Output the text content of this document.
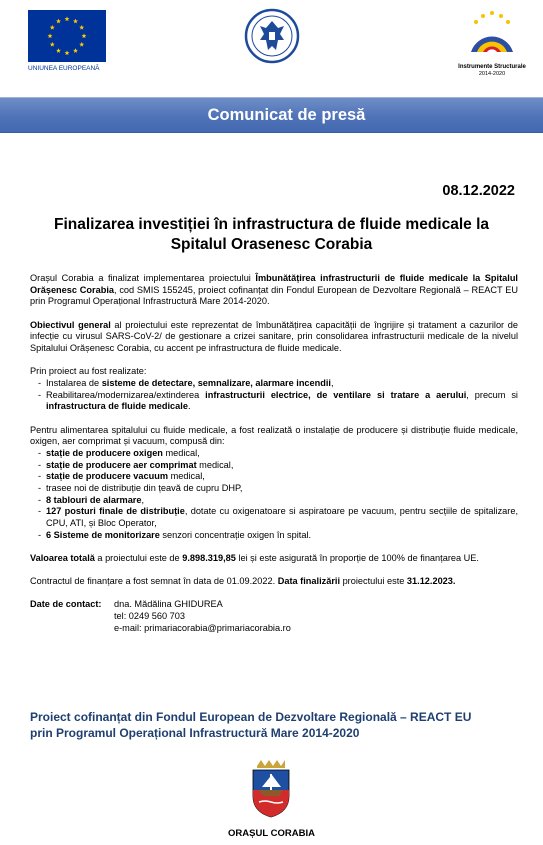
UNIUNEA EUROPEANĂ	Instrumente Structurale
2014-2020
Comunicat de presă
08.12.2022
Finalizarea investiției în infrastructura de fluide medicale la
Spitalul Orasenesc Corabia

Orașul Corabia a finalizat implementarea proiectului Îmbunătățirea infrastructurii de fluide medicale la Spitalul Orășenesc Corabia, cod SMIS 155245, proiect cofinanțat din Fondul European de Dezvoltare Regională – REACT EU prin Programul Operațional Infrastructură Mare 2014-2020.

Obiectivul general al proiectului este reprezentat de îmbunătățirea capacității de îngrijire și tratament a cazurilor de infecție cu virusul SARS-CoV-2/ de gestionare a crizei sanitare, prin consolidarea infrastructurii medicale de la nivelul Spitalului Orășenesc Corabia, cu accent pe infrastructura de fluide medicale.

Prin proiect au fost realizate:
- Instalarea de sisteme de detectare, semnalizare, alarmare incendii,
- Reabilitarea/modernizarea/extinderea infrastructurii electrice, de ventilare si tratare a aerului, precum si infrastructura de fluide medicale.
Pentru alimentarea spitalului cu fluide medicale, a fost realizată o instalație de producere și distribuție fluide medicale, oxigen, aer comprimat și vacuum, compusă din:
- stație de producere oxigen medical,
- stație de producere aer comprimat medical,
- stație de producere vacuum medical,
- trasee noi de distribuție din țeavă de cupru DHP,
- 8 tablouri de alarmare,
- 127 posturi finale de distribuție, dotate cu oxigenatoare si aspiratoare pe vacuum, pentru secțiile de spitalizare, CPU, ATI, și Bloc Operator,
- 6 Sisteme de monitorizare senzori concentrație oxigen în spital.

Valoarea totală a proiectului este de 9.898.319,85 lei și este asigurată în proporție de 100% de finanțarea UE.

Contractul de finanțare a fost semnat în data de 01.09.2022. Data finalizării proiectului este 31.12.2023.

Date de contact:	dna. Mădălina GHIDUREA
tel: 0249 560 703
e-mail: primariacorabia@primariacorabia.ro
Proiect cofinanțat din Fondul European de Dezvoltare Regională – REACT EU
prin Programul Operațional Infrastructură Mare 2014-2020
ORAȘUL CORABIA
